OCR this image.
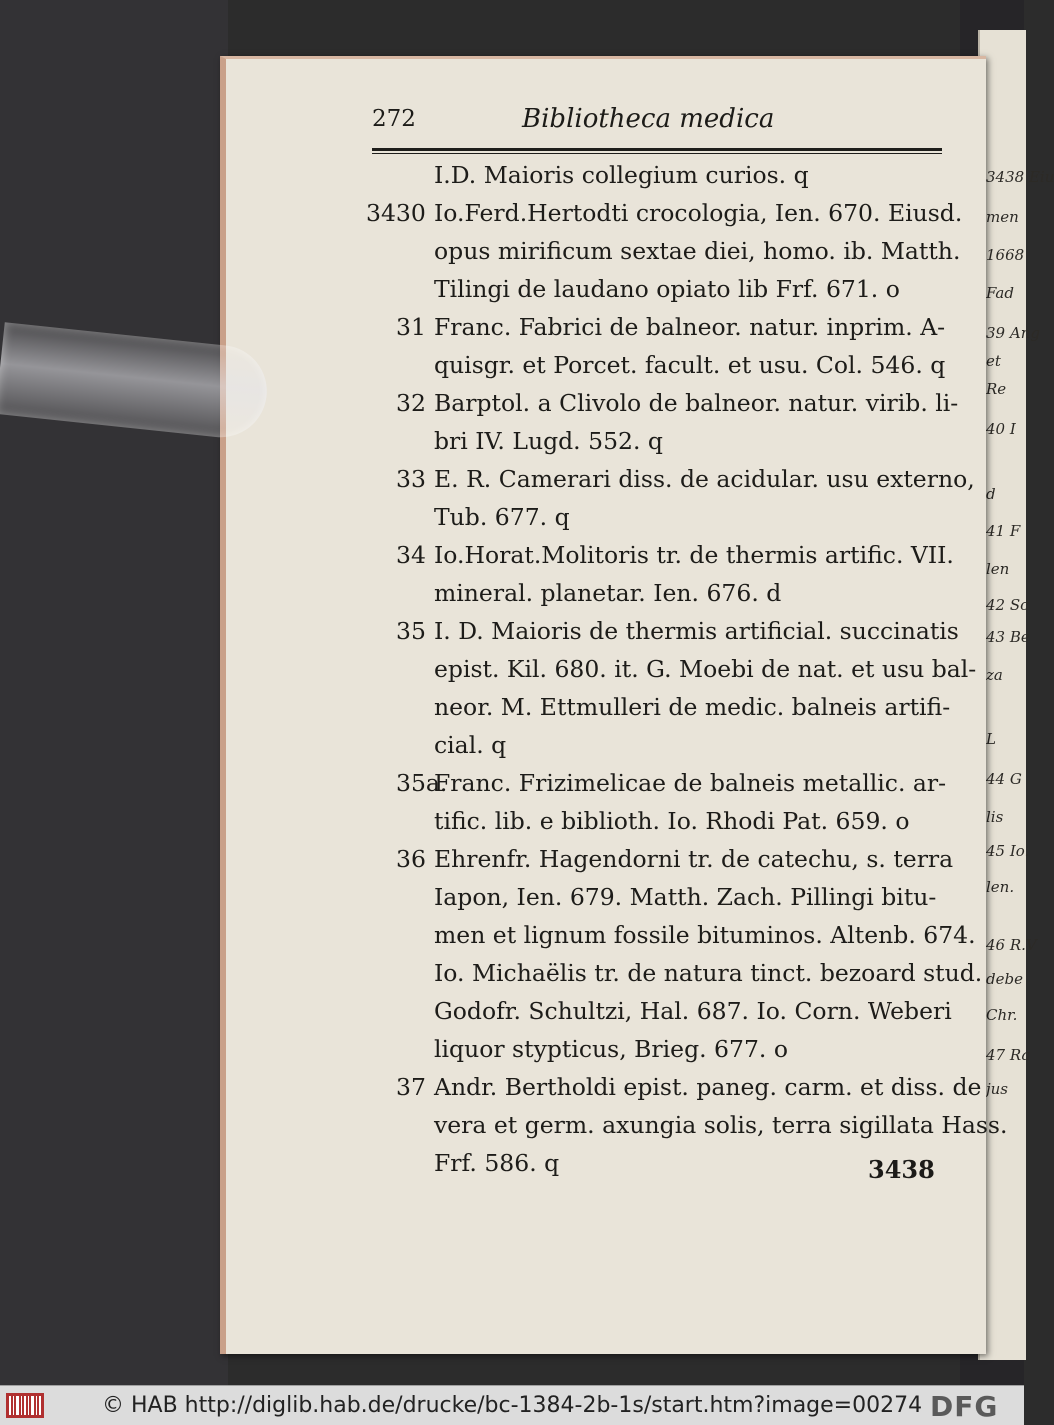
3438 Eiu
men
1668
Fad
39 Ang
et
Re
40 I
d
41 F
len
42 Sc
43 Be
za
L
44 G
lis
45 Io.
len.
46 R.V
debe
Chr.
47 Ra
jus
272	Bibliotheca medica
I.D. Maioris collegium curios. q
3430 Io.Ferd.Hertodti crocologia, Ien. 670. Eiusd.
opus mirificum sextae diei, homo. ib. Matth.
Tilingi de laudano opiato lib Frf. 671. o
31 Franc. Fabrici de balneor. natur. inprim. A-
quisgr. et Porcet. facult. et usu. Col. 546. q
32 Barptol. a Clivolo de balneor. natur. virib. li-
bri IV. Lugd. 552. q
33 E. R. Camerari diss. de acidular. usu externo,
Tub. 677. q
34 Io.Horat.Molitoris tr. de thermis artific. VII.
mineral. planetar. Ien. 676. d
35 I. D. Maioris de thermis artificial. succinatis
epist. Kil. 680. it. G. Moebi de nat. et usu bal-
neor. M. Ettmulleri de medic. balneis artifi-
cial. q
35a.
Franc. Frizimelicae de balneis metallic. ar-
tific. lib. e biblioth. Io. Rhodi Pat. 659. o
36 Ehrenfr. Hagendorni tr. de catechu, s. terra
Iapon, Ien. 679. Matth. Zach. Pillingi bitu-
men et lignum fossile bituminos. Altenb. 674.
Io. Michaëlis tr. de natura tinct. bezoard stud.
Godofr. Schultzi, Hal. 687. Io. Corn. Weberi
liquor stypticus, Brieg. 677. o
37 Andr. Bertholdi epist. paneg. carm. et diss. de
vera et germ. axungia solis, terra sigillata Hass.
Frf. 586. q	3438
© HAB http://diglib.hab.de/drucke/bc-1384-2b-1s/start.htm?image=00274 DFG
